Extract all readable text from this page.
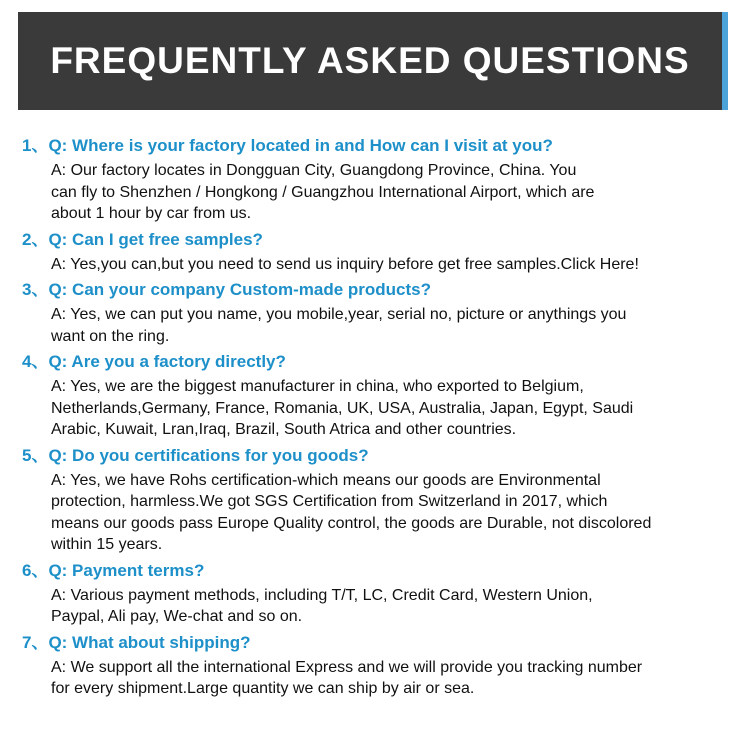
FREQUENTLY ASKED QUESTIONS
1、Q: Where is your factory located in and How can I visit at you?
A: Our factory locates in Dongguan City, Guangdong Province, China. You
can fly to Shenzhen / Hongkong / Guangzhou International Airport, which are
about 1 hour by car from us.
2、Q: Can I get free samples?
A: Yes,you can,but you need to send us inquiry before get free samples.Click Here!
3、Q: Can your company Custom-made products?
A: Yes, we can put you name, you mobile,year, serial no, picture or anythings you
want on the ring.
4、Q: Are you a factory directly?
A: Yes, we are the biggest manufacturer in china, who exported to Belgium,
Netherlands,Germany, France, Romania, UK, USA, Australia, Japan, Egypt, Saudi
Arabic, Kuwait, Lran,Iraq, Brazil, South Atrica and other countries.
5、Q: Do you certifications for you goods?
A: Yes, we have Rohs certification-which means our goods are Environmental
protection, harmless.We got SGS Certification from Switzerland in 2017, which
means our goods pass Europe Quality control, the goods are Durable, not discolored
within 15 years.
6、Q: Payment terms?
A: Various payment methods, including T/T, LC, Credit Card, Western Union,
Paypal, Ali pay, We-chat and so on.
7、Q: What about shipping?
A: We support all the international Express and we will provide you tracking number
for every shipment.Large quantity we can ship by air or sea.
